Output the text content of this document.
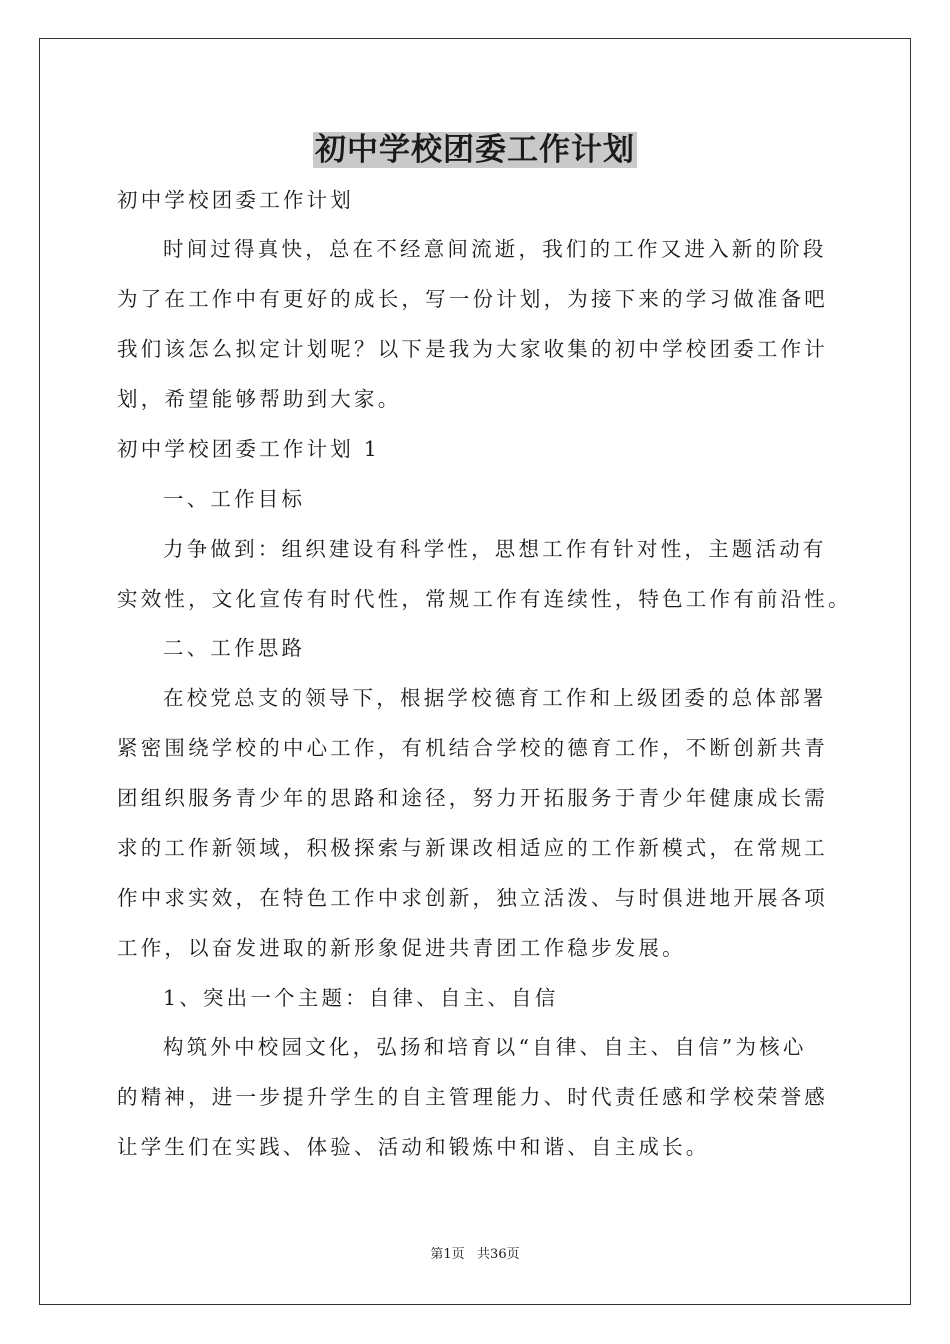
初中学校团委工作计划
初中学校团委工作计划
时间过得真快，总在不经意间流逝，我们的工作又进入新的阶段
为了在工作中有更好的成长，写一份计划，为接下来的学习做准备吧
我们该怎么拟定计划呢？以下是我为大家收集的初中学校团委工作计
划，希望能够帮助到大家。
初中学校团委工作计划 1
一、工作目标
力争做到：组织建设有科学性，思想工作有针对性，主题活动有
实效性，文化宣传有时代性，常规工作有连续性，特色工作有前沿性。
二、工作思路
在校党总支的领导下，根据学校德育工作和上级团委的总体部署
紧密围绕学校的中心工作，有机结合学校的德育工作，不断创新共青
团组织服务青少年的思路和途径，努力开拓服务于青少年健康成长需
求的工作新领域，积极探索与新课改相适应的工作新模式，在常规工
作中求实效，在特色工作中求创新，独立活泼、与时俱进地开展各项
工作，以奋发进取的新形象促进共青团工作稳步发展。
1、突出一个主题：自律、自主、自信
构筑外中校园文化，弘扬和培育以“自律、自主、自信”为核心
的精神，进一步提升学生的自主管理能力、时代责任感和学校荣誉感
让学生们在实践、体验、活动和锻炼中和谐、自主成长。
第1页   共36页
